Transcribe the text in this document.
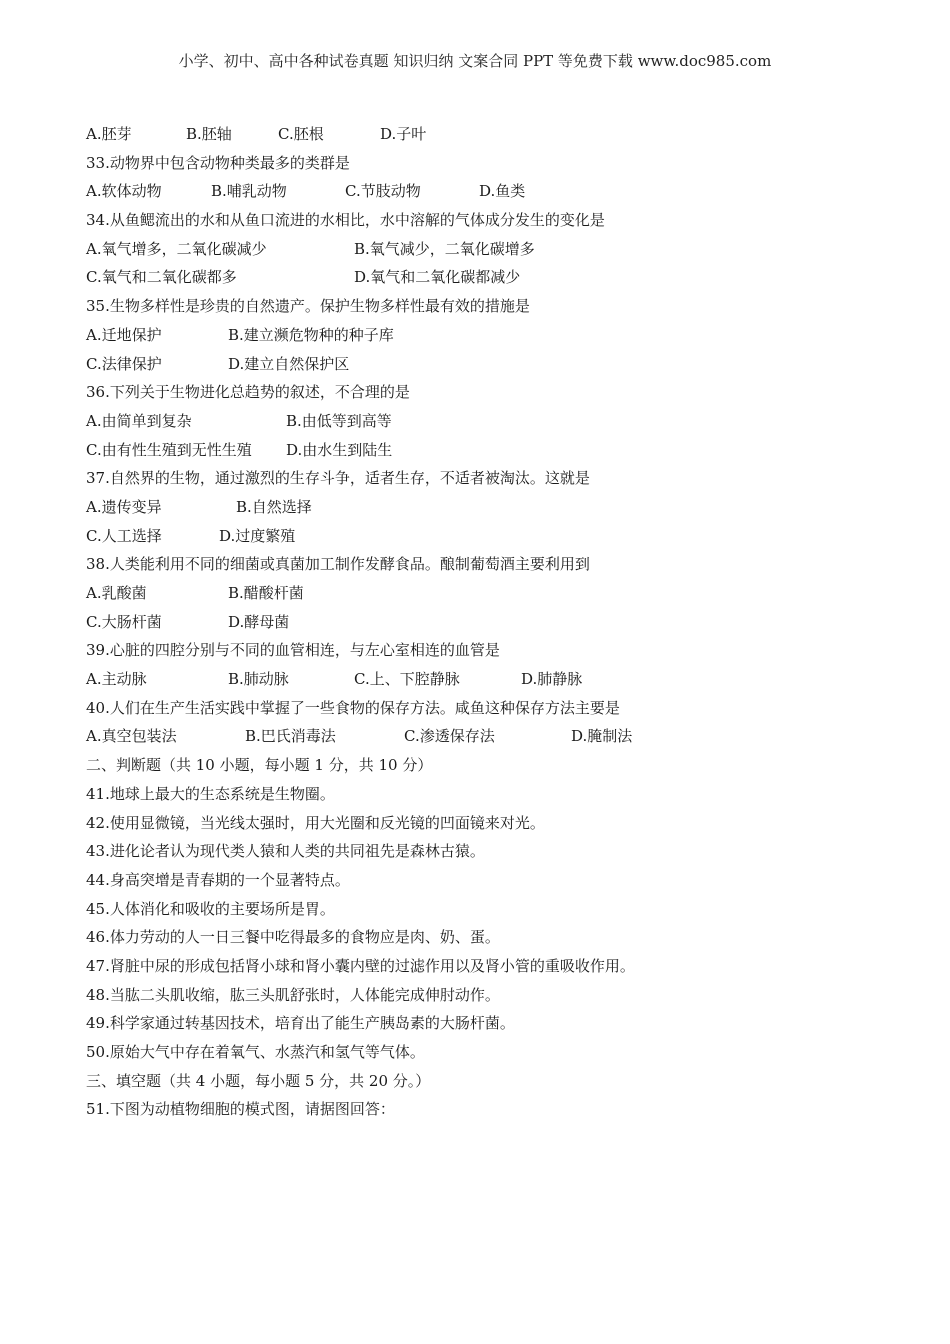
小学、初中、高中各种试卷真题 知识归纳 文案合同 PPT 等免费下载 www.doc985.com
A.胚芽	B.胚轴	C.胚根	D.子叶
33.动物界中包含动物种类最多的类群是
A.软体动物	B.哺乳动物	C.节肢动物	D.鱼类
34.从鱼鳃流出的水和从鱼口流进的水相比，水中溶解的气体成分发生的变化是
A.氧气增多，二氧化碳减少	B.氧气减少，二氧化碳增多
C.氧气和二氧化碳都多	D.氧气和二氧化碳都减少
35.生物多样性是珍贵的自然遗产。保护生物多样性最有效的措施是
A.迁地保护	B.建立濒危物种的种子库
C.法律保护	D.建立自然保护区
36.下列关于生物进化总趋势的叙述，不合理的是
A.由简单到复杂	B.由低等到高等
C.由有性生殖到无性生殖 D.由水生到陆生
37.自然界的生物，通过激烈的生存斗争，适者生存，不适者被淘汰。这就是
A.遗传变异	B.自然选择
C.人工选择	D.过度繁殖
38.人类能利用不同的细菌或真菌加工制作发酵食品。酿制葡萄酒主要利用到
A.乳酸菌	B.醋酸杆菌
C.大肠杆菌	D.酵母菌
39.心脏的四腔分别与不同的血管相连，与左心室相连的血管是
A.主动脉	B.肺动脉	C.上、下腔静脉	D.肺静脉
40.人们在生产生活实践中掌握了一些食物的保存方法。咸鱼这种保存方法主要是
A.真空包装法	B.巴氏消毒法	C.渗透保存法	D.腌制法
二、判断题（共 10 小题，每小题 1 分，共 10 分）
41.地球上最大的生态系统是生物圈。
42.使用显微镜，当光线太强时，用大光圈和反光镜的凹面镜来对光。
43.进化论者认为现代类人猿和人类的共同祖先是森林古猿。
44.身高突增是青春期的一个显著特点。
45.人体消化和吸收的主要场所是胃。
46.体力劳动的人一日三餐中吃得最多的食物应是肉、奶、蛋。
47.肾脏中尿的形成包括肾小球和肾小囊内壁的过滤作用以及肾小管的重吸收作用。
48.当肱二头肌收缩，肱三头肌舒张时，人体能完成伸肘动作。
49.科学家通过转基因技术，培育出了能生产胰岛素的大肠杆菌。
50.原始大气中存在着氧气、水蒸汽和氢气等气体。
三、填空题（共 4 小题，每小题 5 分，共 20 分。）
51.下图为动植物细胞的模式图，请据图回答：
